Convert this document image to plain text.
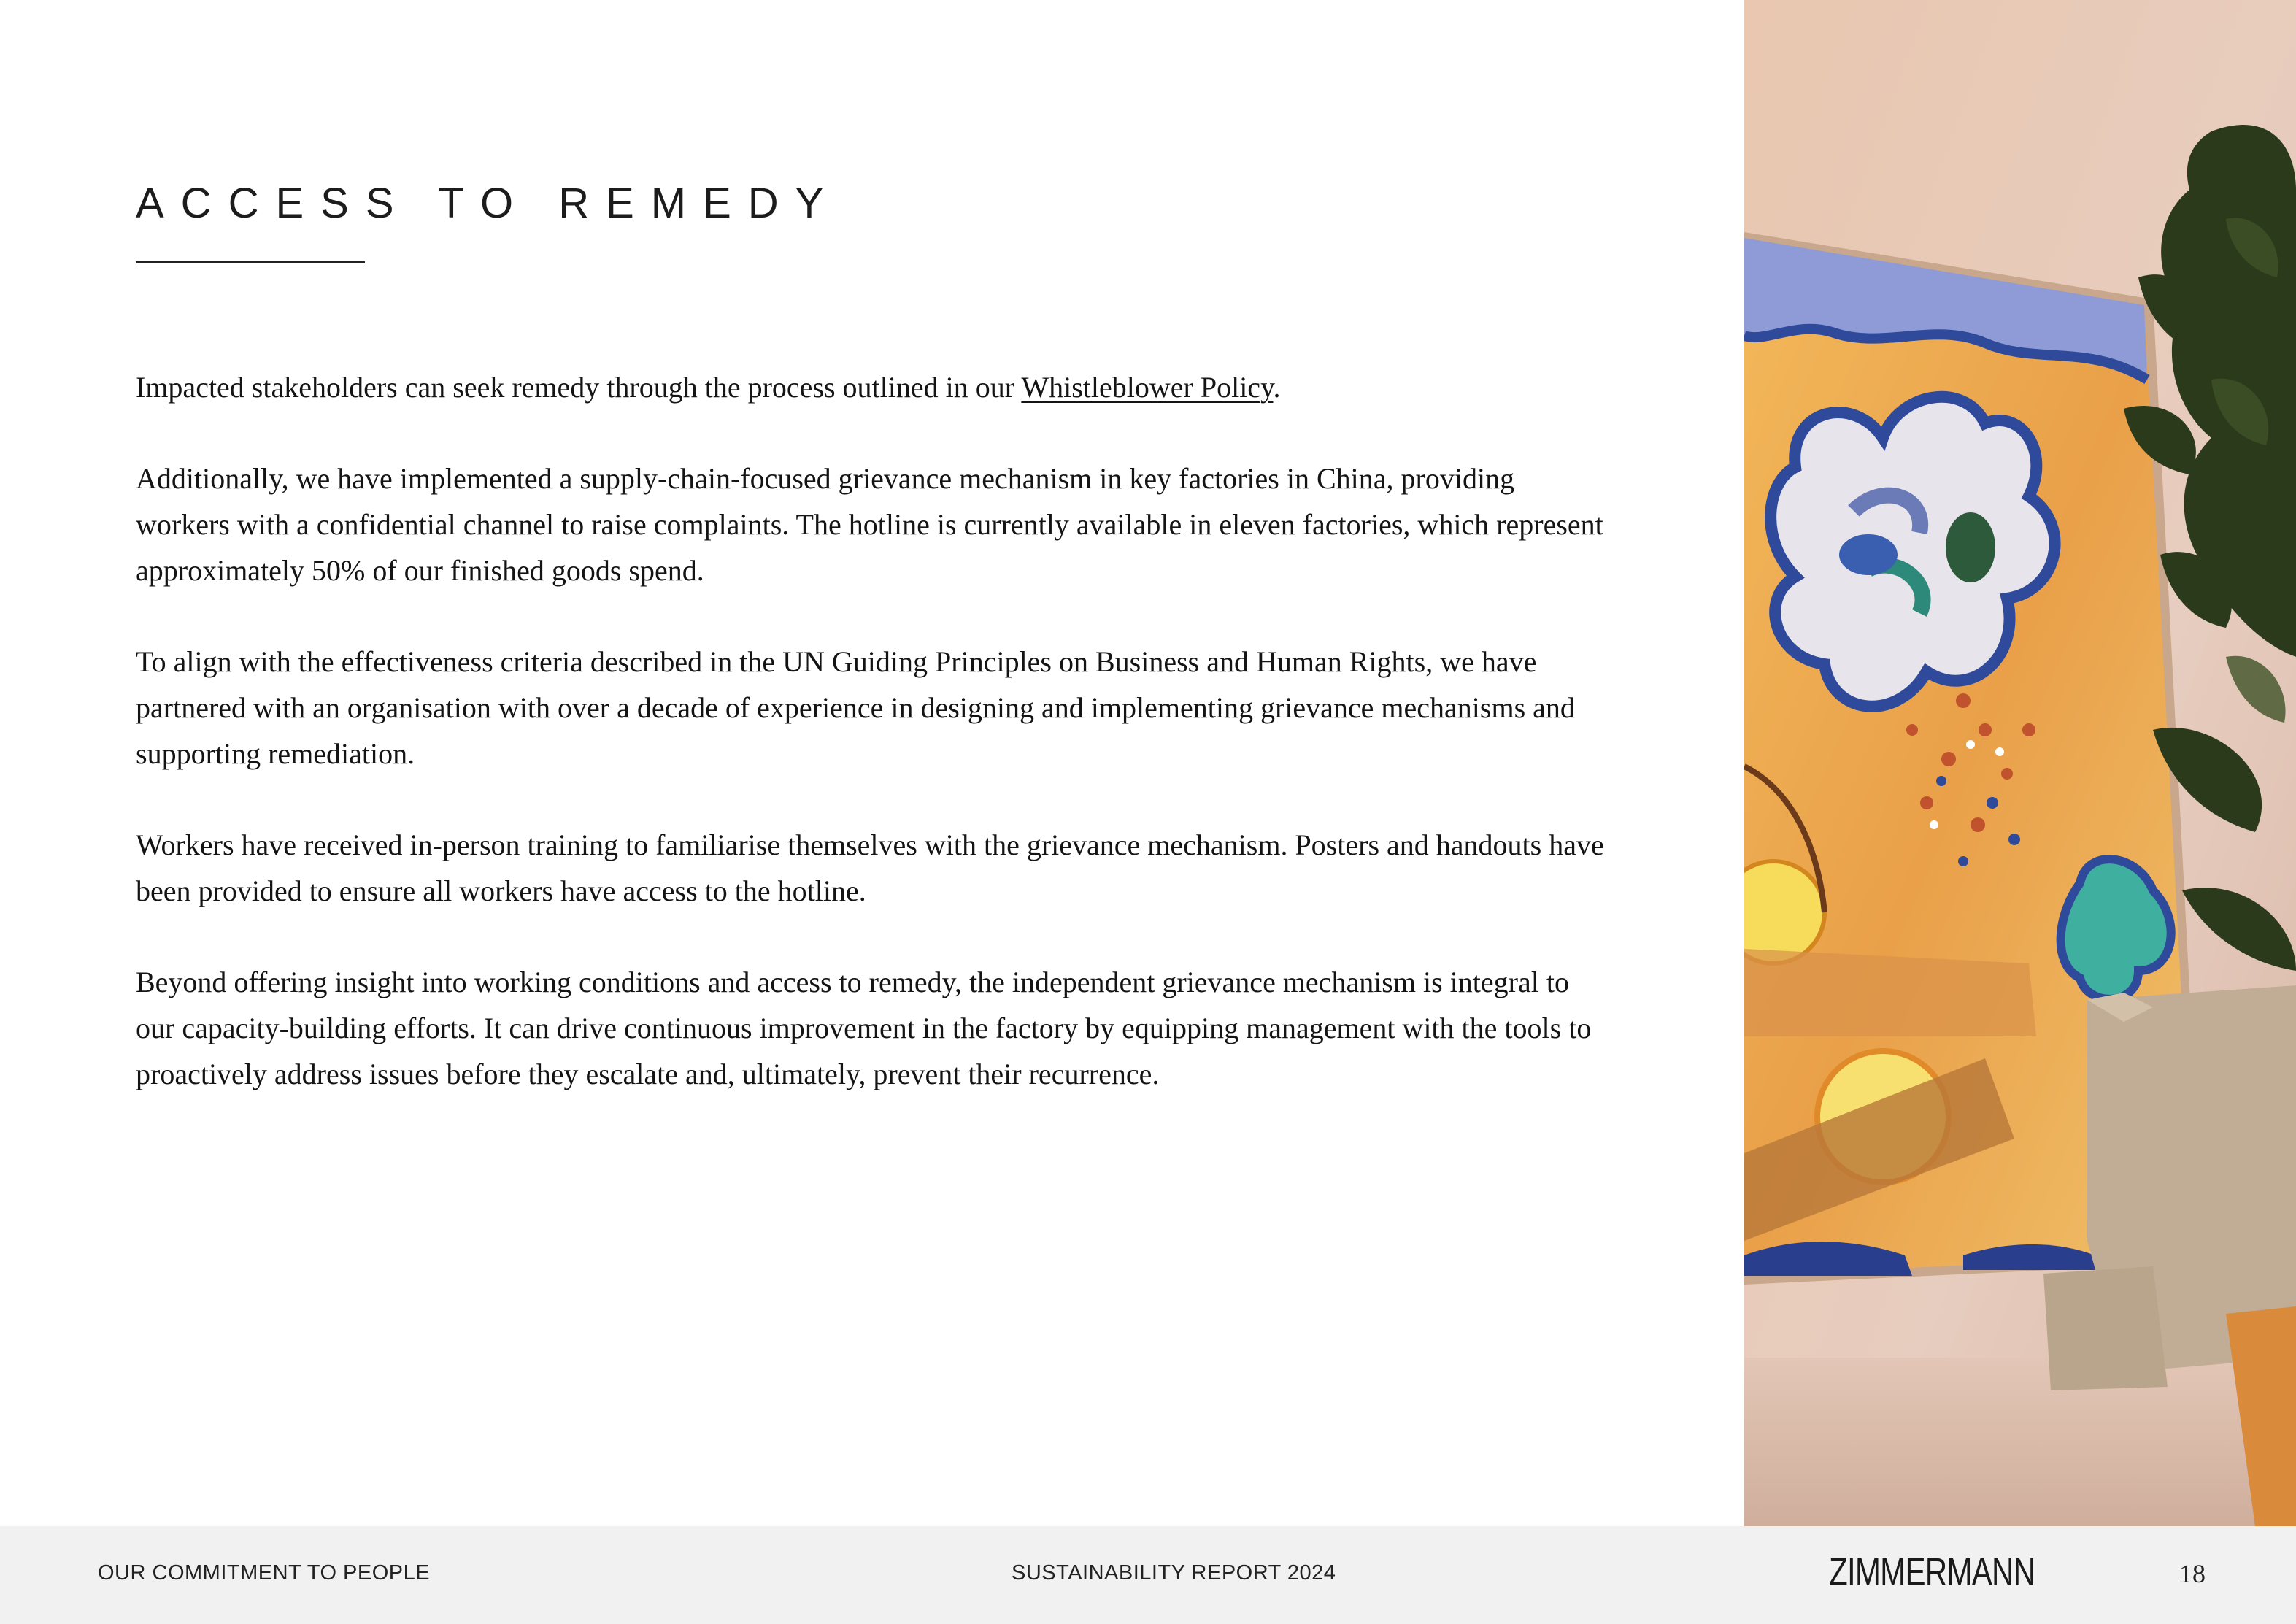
ACCESS TO REMEDY

Impacted stakeholders can seek remedy through the process outlined in our Whistleblower Policy.

Additionally, we have implemented a supply-chain-focused grievance mechanism in key factories in China, providing workers with a confidential channel to raise complaints. The hotline is currently available in eleven factories, which represent approximately 50% of our finished goods spend.

To align with the effectiveness criteria described in the UN Guiding Principles on Business and Human Rights, we have partnered with an organisation with over a decade of experience in designing and implementing grievance mechanisms and supporting remediation.

Workers have received in-person training to familiarise themselves with the grievance mechanism. Posters and handouts have been provided to ensure all workers have access to the hotline.

Beyond offering insight into working conditions and access to remedy, the independent grievance mechanism is integral to our capacity-building efforts. It can drive continuous improvement in the factory by equipping management with the tools to proactively address issues before they escalate and, ultimately, prevent their recurrence.

OUR COMMITMENT TO PEOPLE	SUSTAINABILITY REPORT 2024	ZIMMERMANN	18
